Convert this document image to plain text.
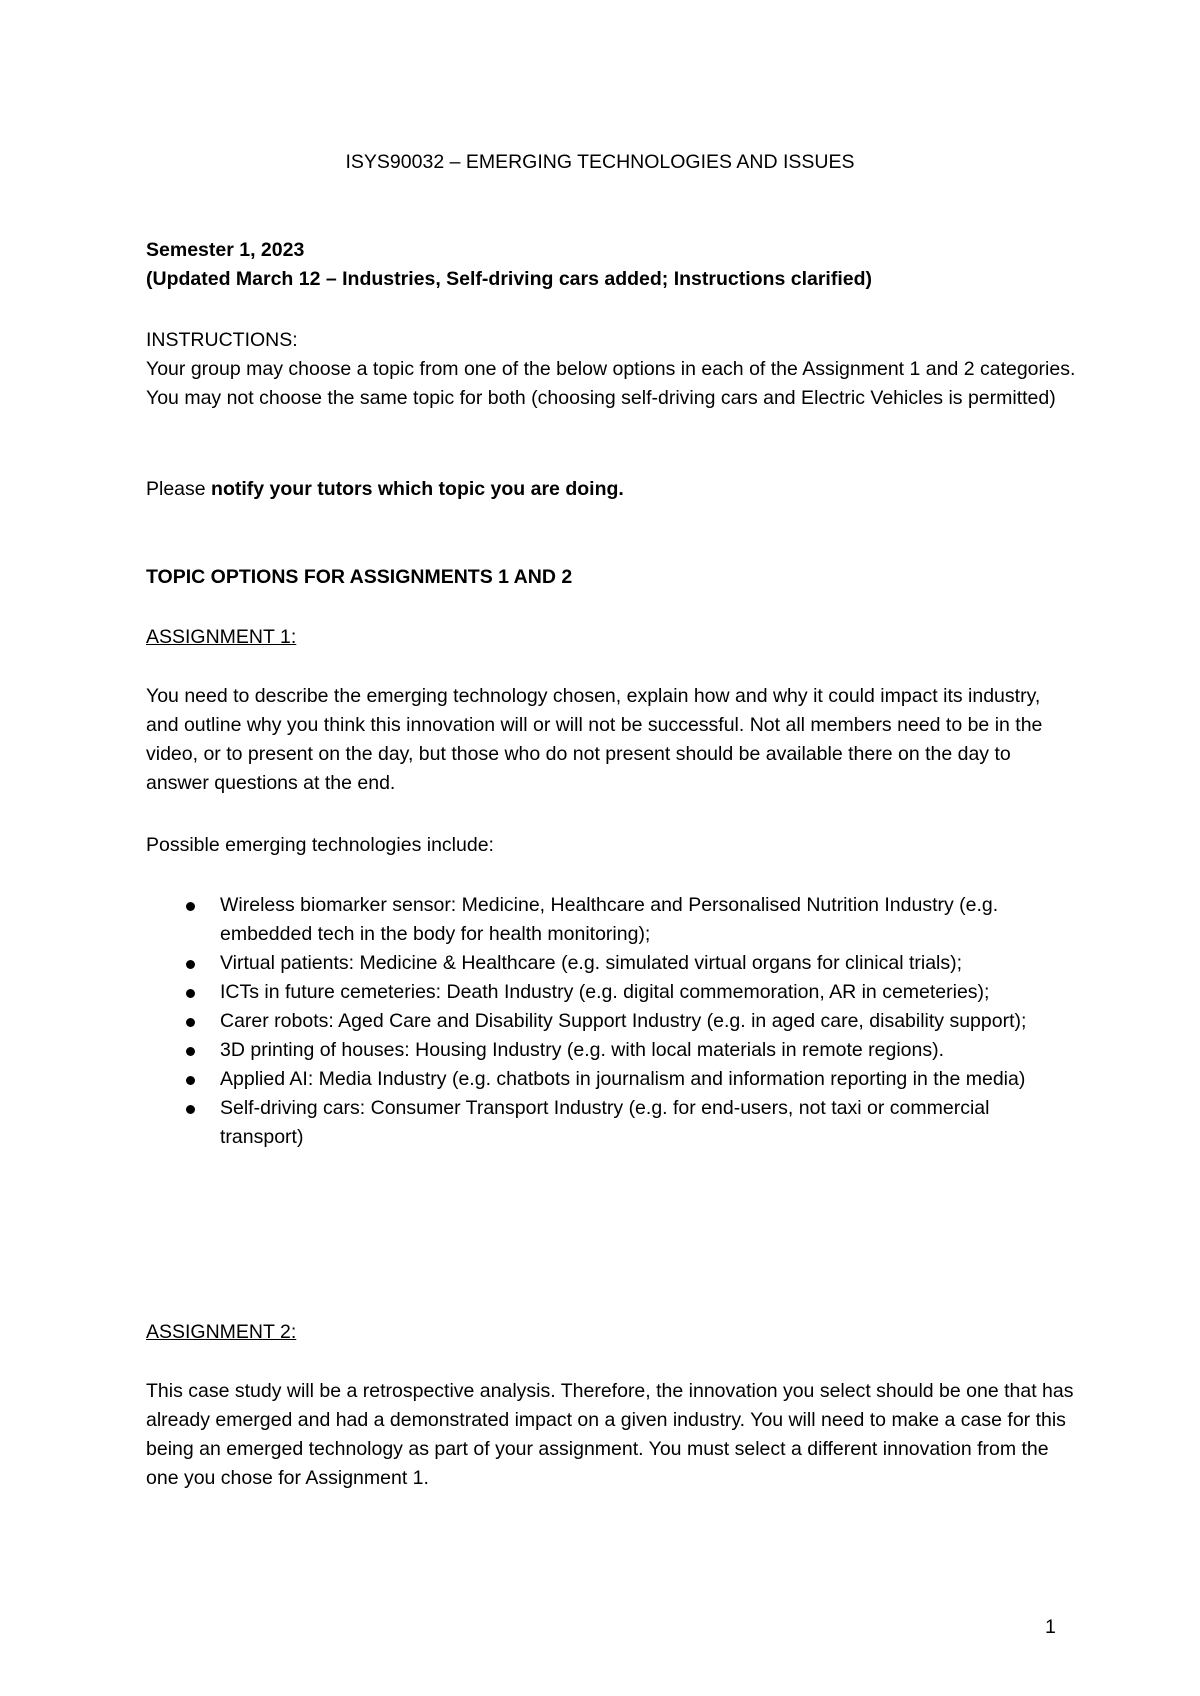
ISYS90032 – EMERGING TECHNOLOGIES AND ISSUES

Semester 1, 2023

(Updated March 12 – Industries, Self-driving cars added; Instructions clarified)

INSTRUCTIONS:

Your group may choose a topic from one of the below options in each of the Assignment 1 and 2 categories. You may not choose the same topic for both (choosing self-driving cars and Electric Vehicles is permitted)

Please notify your tutors which topic you are doing.

TOPIC OPTIONS FOR ASSIGNMENTS 1 AND 2
ASSIGNMENT 1:
You need to describe the emerging technology chosen, explain how and why it could impact its industry, and outline why you think this innovation will or will not be successful. Not all members need to be in the video, or to present on the day, but those who do not present should be available there on the day to answer questions at the end.
Possible emerging technologies include:
Wireless biomarker sensor: Medicine, Healthcare and Personalised Nutrition Industry (e.g. embedded tech in the body for health monitoring);
Virtual patients: Medicine & Healthcare (e.g. simulated virtual organs for clinical trials);
ICTs in future cemeteries: Death Industry (e.g. digital commemoration, AR in cemeteries);
Carer robots: Aged Care and Disability Support Industry (e.g. in aged care, disability support);
3D printing of houses: Housing Industry (e.g. with local materials in remote regions).
Applied AI: Media Industry (e.g. chatbots in journalism and information reporting in the media)
Self-driving cars: Consumer Transport Industry (e.g. for end-users, not taxi or commercial transport)
ASSIGNMENT 2:
This case study will be a retrospective analysis. Therefore, the innovation you select should be one that has already emerged and had a demonstrated impact on a given industry. You will need to make a case for this being an emerged technology as part of your assignment. You must select a different innovation from the one you chose for Assignment 1.
1
